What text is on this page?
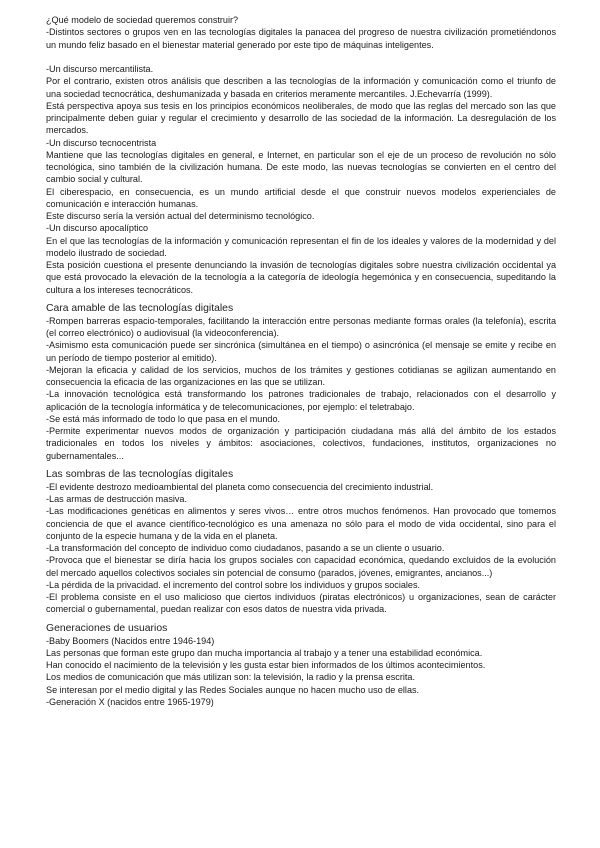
¿Qué modelo de sociedad queremos construir?

-Distintos sectores o grupos ven en las tecnologías digitales la panacea del progreso de nuestra civilización prometiéndonos un mundo feliz basado en el bienestar material generado por este tipo de máquinas inteligentes.

-Un discurso mercantilista.

Por el contrario, existen otros análisis que describen a las tecnologías de la información y comunicación como el triunfo de una sociedad tecnocrática, deshumanizada y basada en criterios meramente mercantiles. J.Echevarría (1999).

Está perspectiva apoya sus tesis en los principios económicos neoliberales, de modo que las reglas del mercado son las que principalmente deben guiar y regular el crecimiento y desarrollo de las sociedad de la información. La desregulación de los mercados.

-Un discurso tecnocentrista

Mantiene que las tecnologías digitales en general, e Internet, en particular son el eje de un proceso de revolución no sólo tecnológica, sino también de la civilización humana. De este modo, las nuevas tecnologías se convierten en el centro del cambio social y cultural.

El ciberespacio, en consecuencia, es un mundo artificial desde el que construir nuevos modelos experienciales de comunicación e interacción humanas.

Este discurso sería la versión actual del determinismo tecnológico.

-Un discurso apocalíptico

En el que las tecnologías de la información y comunicación representan el fin de los ideales y valores de la modernidad y del modelo ilustrado de sociedad.

Esta posición cuestiona el presente denunciando la invasión de tecnologías digitales sobre nuestra civilización occidental ya que está provocado la elevación de la tecnología a la categoría de ideología hegemónica y en consecuencia, supeditando la cultura a los intereses tecnocráticos.

Cara amable de las tecnologías digitales

-Rompen barreras espacio-temporales, facilitando la interacción entre personas mediante formas orales (la telefonía), escrita (el correo electrónico) o audiovisual (la videoconferencia).

-Asimismo esta comunicación puede ser sincrónica (simultánea en el tiempo) o asincrónica (el mensaje se emite y recibe en un período de tiempo posterior al emitido).

-Mejoran la eficacia y calidad de los servicios, muchos de los trámites y gestiones cotidianas se agilizan aumentando en consecuencia la eficacia de las organizaciones en las que se utilizan.

-La innovación tecnológica está transformando los patrones tradicionales de trabajo, relacionados con el desarrollo y aplicación de la tecnología informática y de telecomunicaciones, por ejemplo: el teletrabajo.

-Se está más informado de todo lo que pasa en el mundo.

-Permite experimentar nuevos modos de organización y participación ciudadana más allá del ámbito de los estados tradicionales en todos los niveles y ámbitos: asociaciones, colectivos, fundaciones, institutos, organizaciones no gubernamentales...

Las sombras de las tecnologías digitales

-El evidente destrozo medioambiental del planeta como consecuencia del crecimiento industrial.

-Las armas de destrucción masiva.

-Las modificaciones genéticas en alimentos y seres vivos… entre otros muchos fenómenos. Han provocado que tomemos conciencia de que el avance científico-tecnológico es una amenaza no sólo para el modo de vida occidental, sino para el conjunto de la especie humana y de la vida en el planeta.

-La transformación del concepto de individuo como ciudadanos, pasando a se un cliente o usuario.

-Provoca que el bienestar se diría hacia los grupos sociales con capacidad económica, quedando excluidos de la evolución del mercado aquellos colectivos sociales sin potencial de consumo (parados, jóvenes, emigrantes, ancianos...)

-La pérdida de la privacidad. el incremento del control sobre los individuos y grupos sociales.

-El problema consiste en el uso malicioso que ciertos individuos (piratas electrónicos) u organizaciones, sean de carácter comercial o gubernamental, puedan realizar con esos datos de nuestra vida privada.

Generaciones de usuarios

-Baby Boomers (Nacidos entre 1946-194)

Las personas que forman este grupo dan mucha importancia al trabajo y a tener una estabilidad económica.

Han conocido el nacimiento de la televisión y les gusta estar bien informados de los últimos acontecimientos.

Los medios de comunicación que más utilizan son: la televisión, la radio y la prensa escrita.

Se interesan por el medio digital y las Redes Sociales aunque no hacen mucho uso de ellas.

-Generación X (nacidos entre 1965-1979)
